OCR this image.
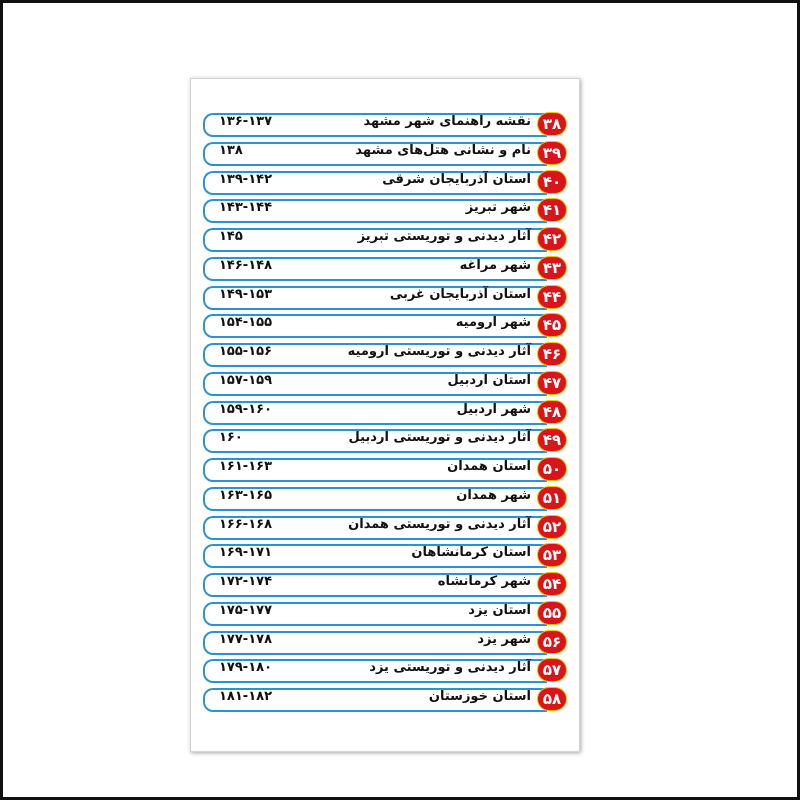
۳۸
نقشه راهنمای شهر مشهد
۱۳۶-۱۳۷
۳۹
نام و نشانی هتل‌های مشهد
۱۳۸
۴۰
استان آذربایجان شرقی
۱۳۹-۱۴۲
۴۱
شهر تبریز
۱۴۳-۱۴۴
۴۲
آثار دیدنی و توریستی تبریز
۱۴۵
۴۳
شهر مراغه
۱۴۶-۱۴۸
۴۴
استان آذربایجان غربی
۱۴۹-۱۵۳
۴۵
شهر ارومیه
۱۵۴-۱۵۵
۴۶
آثار دیدنی و توریستی ارومیه
۱۵۵-۱۵۶
۴۷
استان اردبیل
۱۵۷-۱۵۹
۴۸
شهر اردبیل
۱۵۹-۱۶۰
۴۹
آثار دیدنی و توریستی اردبیل
۱۶۰
۵۰
استان همدان
۱۶۱-۱۶۳
۵۱
شهر همدان
۱۶۳-۱۶۵
۵۲
آثار دیدنی و توریستی همدان
۱۶۶-۱۶۸
۵۳
استان کرمانشاهان
۱۶۹-۱۷۱
۵۴
شهر کرمانشاه
۱۷۲-۱۷۴
۵۵
استان یزد
۱۷۵-۱۷۷
۵۶
شهر یزد
۱۷۷-۱۷۸
۵۷
آثار دیدنی و توریستی یزد
۱۷۹-۱۸۰
۵۸
استان خوزستان
۱۸۱-۱۸۲
